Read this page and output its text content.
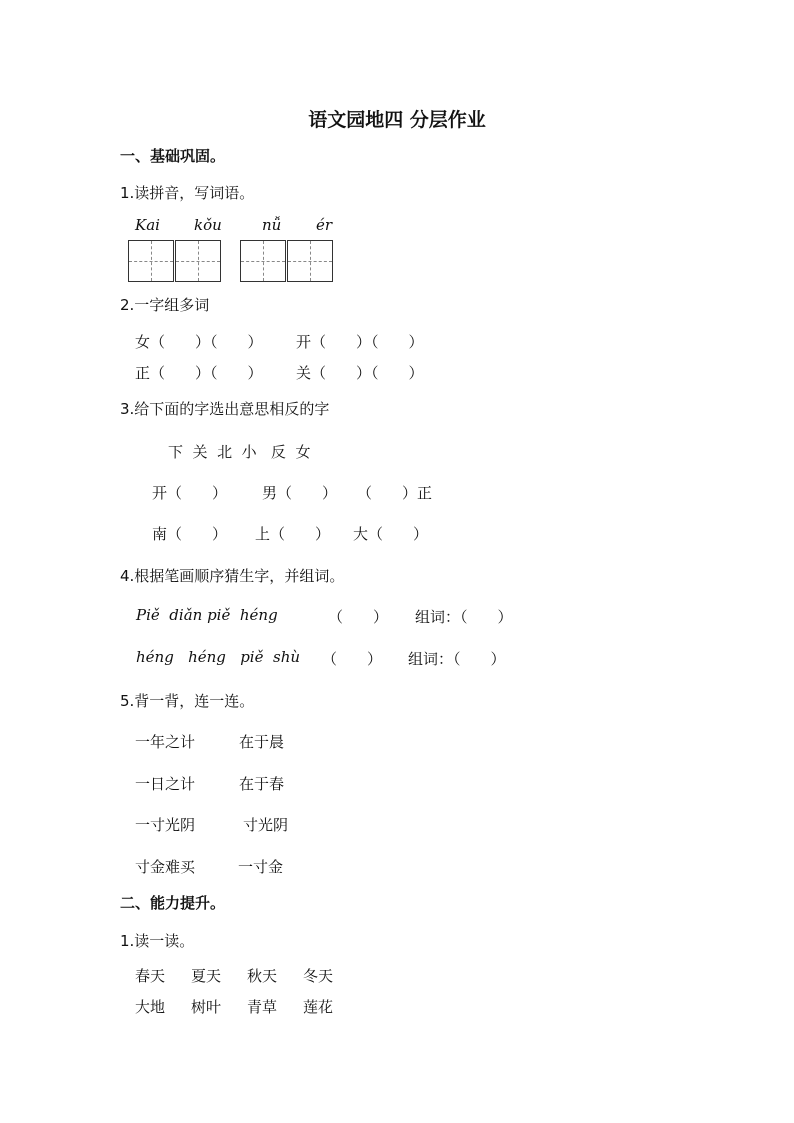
语文园地四 分层作业
一、基础巩固。
1.读拼音，写词语。
Kai kǒu	nǚ ér
2.一字组多词
女（　　）（　　） 开（　　）（　　）
正（　　）（　　） 关（　　）（　　）
3.给下面的字选出意思相反的字
下  关  北  小   反  女
开（　　） 男（　　） （　　）正
南（　　） 上（　　） 大（　　）
4.根据笔画顺序猜生字，并组词。
Piě  diǎn piě  héng	（　　） 组词：（　　）
héng   héng   piě  shù （　　） 组词：（　　）
5.背一背，连一连。
一年之计	在于晨
一日之计	在于春
一寸光阴	寸光阴
寸金难买	一寸金
二、能力提升。
1.读一读。
春天 夏天 秋天 冬天
大地 树叶 青草 莲花
